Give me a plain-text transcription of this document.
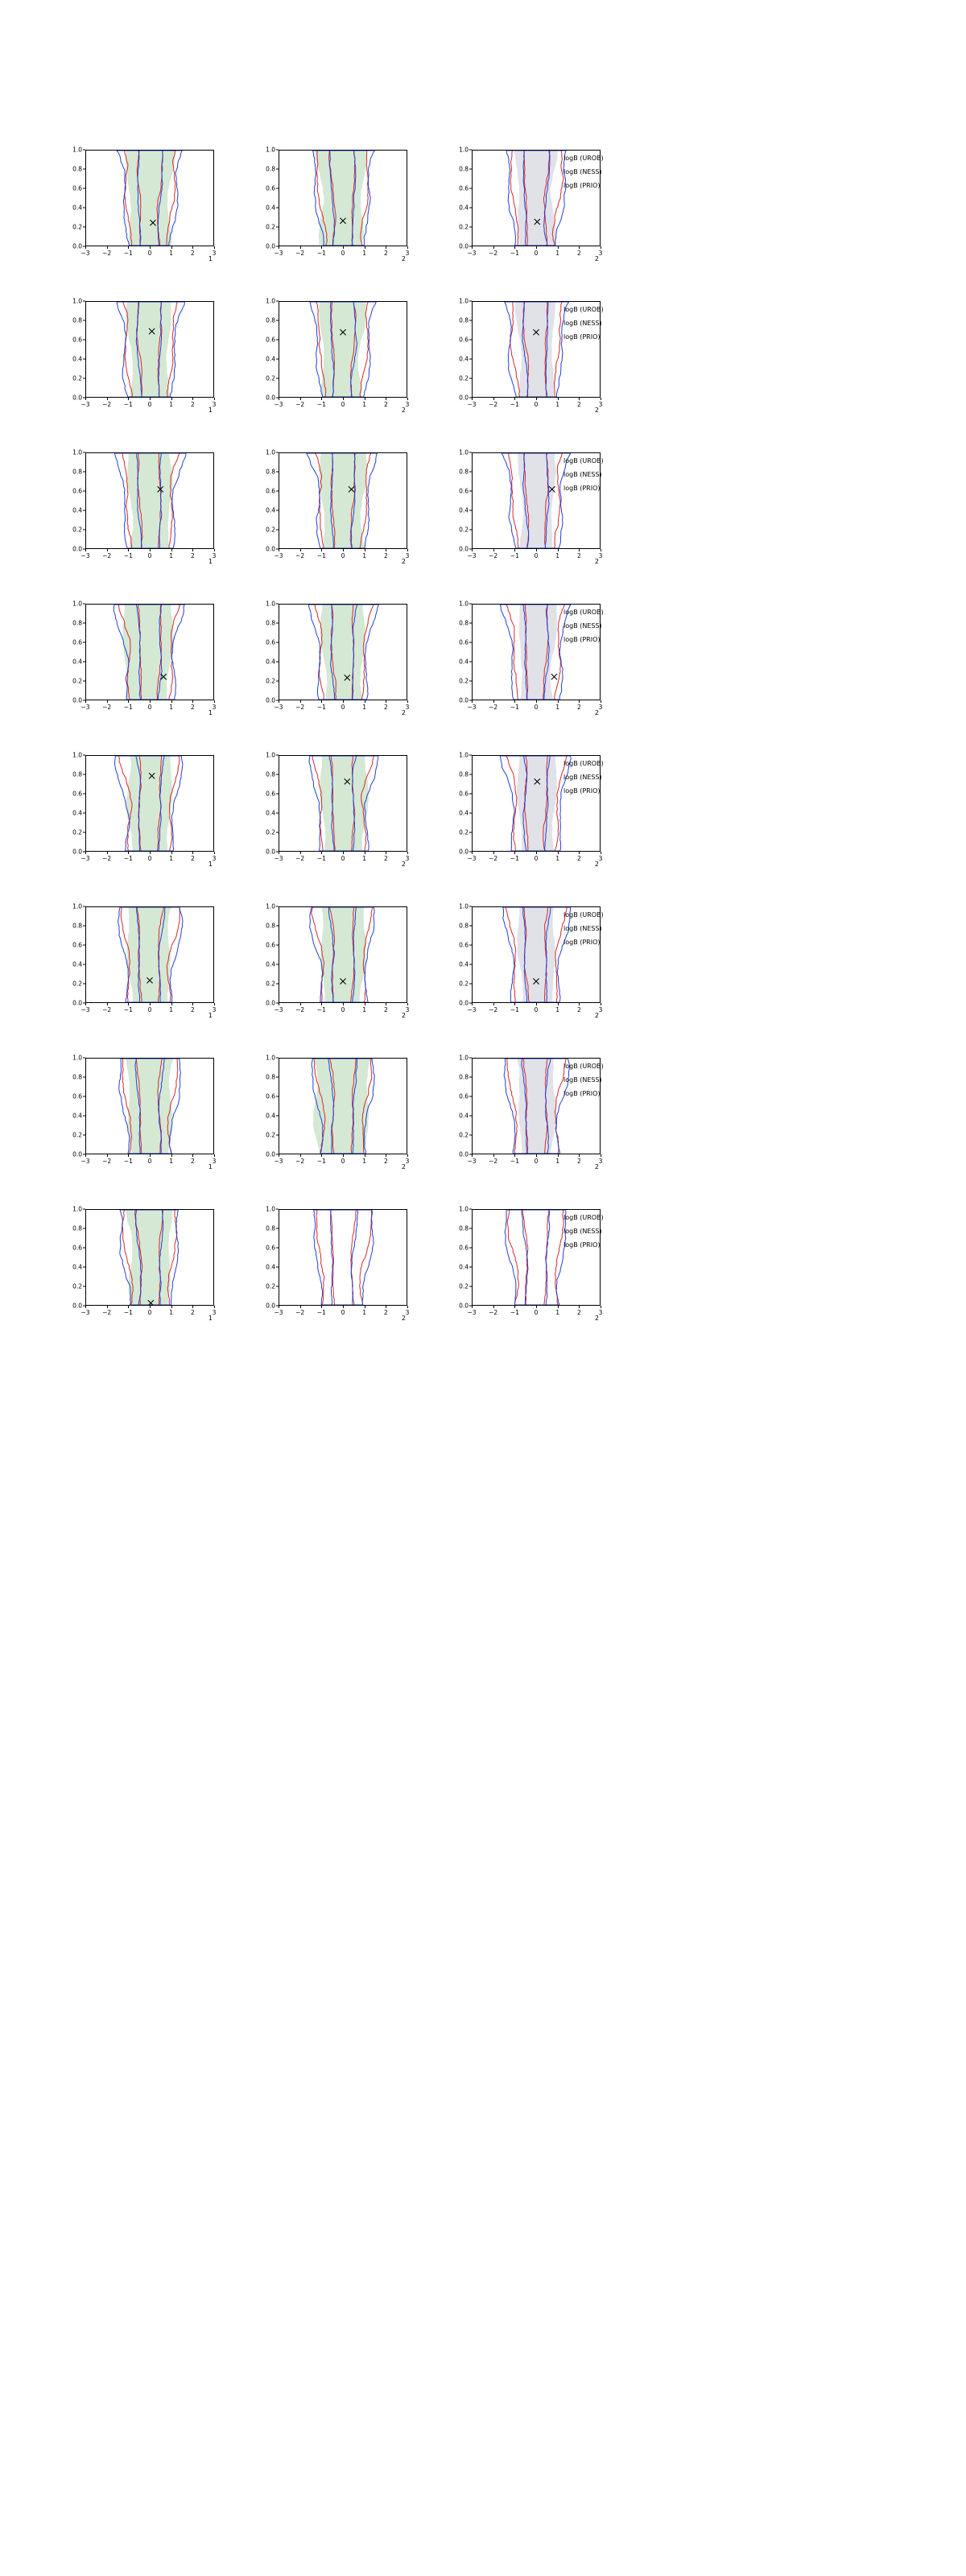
0.0
0.2
0.4
0.6
0.8
1.0
−3 −2 −1	0	1	2	3
1
0.0
0.2
0.4
0.6
0.8
1.0
−3 −2 −1	0	1	2	3
2
0.0
0.2
0.4
0.6
0.8
1.0
−3 −2 −1	0	1	2	3
2
0.0
0.2
0.4
0.6
0.8
1.0
−3 −2 −1	0	1	2	3
1
0.0
0.2
0.4
0.6
0.8
1.0
−3 −2 −1	0	1	2	3
2
0.0
0.2
0.4
0.6
0.8
1.0
−3 −2 −1	0	1	2	3
2
0.0
0.2
0.4
0.6
0.8
1.0
−3 −2 −1	0	1	2	3
1
0.0
0.2
0.4
0.6
0.8
1.0
−3 −2 −1	0	1	2	3
2
0.0
0.2
0.4
0.6
0.8
1.0
−3 −2 −1	0	1	2	3
2
0.0
0.2
0.4
0.6
0.8
1.0
−3 −2 −1	0	1	2	3
1
0.0
0.2
0.4
0.6
0.8
1.0
−3 −2 −1	0	1	2	3
2
0.0
0.2
0.4
0.6
0.8
1.0
−3 −2 −1	0	1	2	3
2
0.0
0.2
0.4
0.6
0.8
1.0
−3 −2 −1	0	1	2	3
1
0.0
0.2
0.4
0.6
0.8
1.0
−3 −2 −1	0	1	2	3
2
0.0
0.2
0.4
0.6
0.8
1.0
−3 −2 −1	0	1	2	3
2
0.0
0.2
0.4
0.6
0.8
1.0
−3 −2 −1	0	1	2	3
1
0.0
0.2
0.4
0.6
0.8
1.0
−3 −2 −1	0	1	2	3
2
0.0
0.2
0.4
0.6
0.8
1.0
−3 −2 −1	0	1	2	3
2
0.0
0.2
0.4
0.6
0.8
1.0
−3 −2 −1	0	1	2	3
1
0.0
0.2
0.4
0.6
0.8
1.0
−3 −2 −1	0	1	2	3
2
0.0
0.2
0.4
0.6
0.8
1.0
−3 −2 −1	0	1	2	3
2
0.0
0.2
0.4
0.6
0.8
1.0
−3 −2 −1	0	1	2	3
1
0.0
0.2
0.4
0.6
0.8
1.0
−3 −2 −1	0	1	2	3
2
0.0
0.2
0.4
0.6
0.8
1.0
−3 −2 −1	0	1	2	3
2
logB (UROB)
logB (NESS)
logB (PRIO)
logB (UROB)
logB (NESS)
logB (PRIO)
logB (UROB)
logB (NESS)
logB (PRIO)
logB (UROB)
logB (NESS)
logB (PRIO)
logB (UROB)
logB (NESS)
logB (PRIO)
logB (UROB)
logB (NESS)
logB (PRIO)
logB (UROB)
logB (NESS)
logB (PRIO)
logB (UROB)
logB (NESS)
logB (PRIO)
